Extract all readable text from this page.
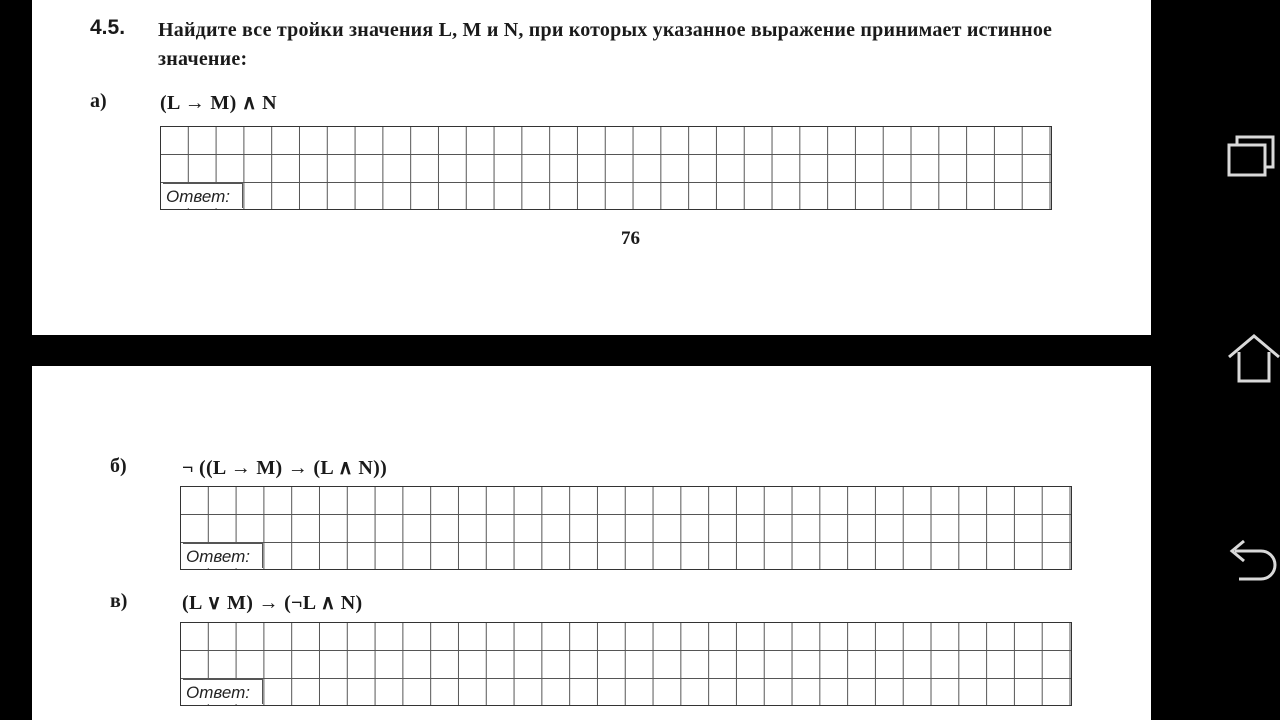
4.5. Найдите все тройки значения L, M и N, при которых указанное выражение принимает истинное значение:
а)	(L → M) ∧ N
Ответ:
76
б)	¬ ((L → M) → (L ∧ N))
Ответ:
в)	(L ∨ M) → (¬L ∧ N)
Ответ:
